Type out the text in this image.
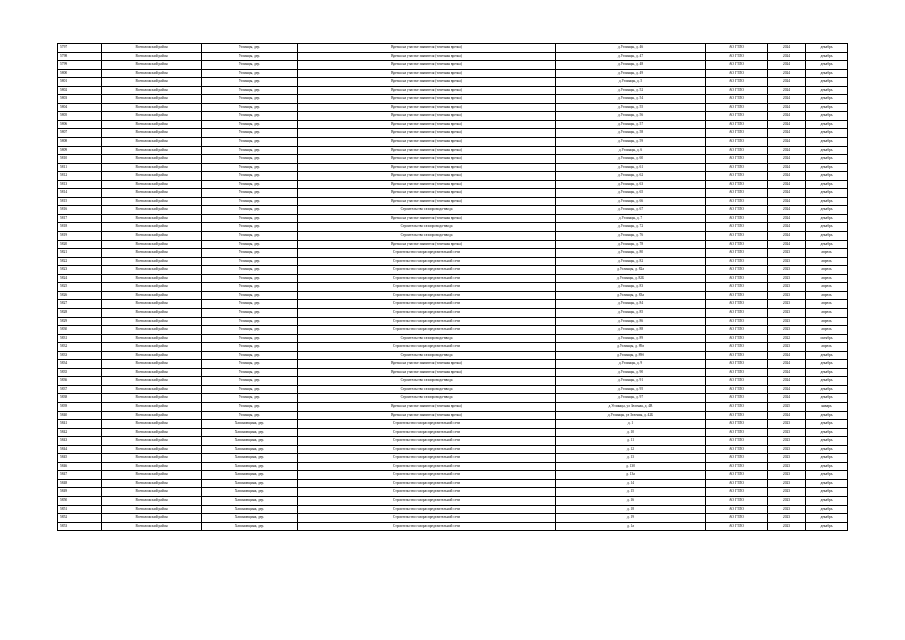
5797	Всеволожский район	Углинцы, дер.	Врезка на участке заявителя (точечная врезка)	д.Углинцы, д. 46	АО ГТЛО	2024	декабрь
5798	Всеволожский район	Углинцы, дер.	Врезка на участке заявителя (точечная врезка)	д.Углинцы, д. 47	АО ГТЛО	2024	декабрь
5799	Всеволожский район	Углинцы, дер.	Врезка на участке заявителя (точечная врезка)	д.Углинцы, д. 48	АО ГТЛО	2024	декабрь
5800	Всеволожский район	Углинцы, дер.	Врезка на участке заявителя (точечная врезка)	д.Углинцы, д. 49	АО ГТЛО	2024	декабрь
5801	Всеволожский район	Углинцы, дер.	Врезка на участке заявителя (точечная врезка)	д.Углинцы, д. 5	АО ГТЛО	2024	декабрь
5802	Всеволожский район	Углинцы, дер.	Врезка на участке заявителя (точечная врезка)	д.Углинцы, д. 52	АО ГТЛО	2024	декабрь
5803	Всеволожский район	Углинцы, дер.	Врезка на участке заявителя (точечная врезка)	д.Углинцы, д. 54	АО ГТЛО	2024	декабрь
5804	Всеволожский район	Углинцы, дер.	Врезка на участке заявителя (точечная врезка)	д.Углинцы, д. 55	АО ГТЛО	2024	декабрь
5805	Всеволожский район	Углинцы, дер.	Врезка на участке заявителя (точечная врезка)	д.Углинцы, д. 56	АО ГТЛО	2024	декабрь
5806	Всеволожский район	Углинцы, дер.	Врезка на участке заявителя (точечная врезка)	д.Углинцы, д. 57	АО ГТЛО	2024	декабрь
5807	Всеволожский район	Углинцы, дер.	Врезка на участке заявителя (точечная врезка)	д.Углинцы, д. 58	АО ГТЛО	2024	декабрь
5808	Всеволожский район	Углинцы, дер.	Врезка на участке заявителя (точечная врезка)	д.Углинцы, д. 59	АО ГТЛО	2024	декабрь
5809	Всеволожский район	Углинцы, дер.	Врезка на участке заявителя (точечная врезка)	д.Углинцы, д. 6	АО ГТЛО	2024	декабрь
5810	Всеволожский район	Углинцы, дер.	Врезка на участке заявителя (точечная врезка)	д.Углинцы, д. 60	АО ГТЛО	2024	декабрь
5811	Всеволожский район	Углинцы, дер.	Врезка на участке заявителя (точечная врезка)	д.Углинцы, д. 61	АО ГТЛО	2024	декабрь
5812	Всеволожский район	Углинцы, дер.	Врезка на участке заявителя (точечная врезка)	д.Углинцы, д. 62	АО ГТЛО	2024	декабрь
5813	Всеволожский район	Углинцы, дер.	Врезка на участке заявителя (точечная врезка)	д.Углинцы, д. 63	АО ГТЛО	2024	декабрь
5814	Всеволожский район	Углинцы, дер.	Врезка на участке заявителя (точечная врезка)	д.Углинцы, д. 65	АО ГТЛО	2024	декабрь
5815	Всеволожский район	Углинцы, дер.	Врезка на участке заявителя (точечная врезка)	д.Углинцы, д. 66	АО ГТЛО	2024	декабрь
5816	Всеволожский район	Углинцы, дер.	Строительство газопровода-ввода	д.Углинцы, д. 67	АО ГТЛО	2024	декабрь
5817	Всеволожский район	Углинцы, дер.	Врезка на участке заявителя (точечная врезка)	д.Углинцы, д. 7	АО ГТЛО	2024	декабрь
5818	Всеволожский район	Углинцы, дер.	Строительство газопровода-ввода	д.Углинцы, д. 72	АО ГТЛО	2024	декабрь
5819	Всеволожский район	Углинцы, дер.	Строительство газопровода-ввода	д.Углинцы, д. 76	АО ГТЛО	2024	декабрь
5820	Всеволожский район	Углинцы, дер.	Врезка на участке заявителя (точечная врезка)	д.Углинцы, д. 78	АО ГТЛО	2024	декабрь
5821	Всеволожский район	Углинцы, дер.	Строительство газораспределительной сети	д.Углинцы, д. 80	АО ГТЛО	2023	апрель
5822	Всеволожский район	Углинцы, дер.	Строительство газораспределительной сети	д.Углинцы, д. 82	АО ГТЛО	2023	апрель
5823	Всеволожский район	Углинцы, дер.	Строительство газораспределительной сети	д.Углинцы, д. 82а	АО ГТЛО	2023	апрель
5824	Всеволожский район	Углинцы, дер.	Строительство газораспределительной сети	д.Углинцы, д. 82Б	АО ГТЛО	2023	апрель
5825	Всеволожский район	Углинцы, дер.	Строительство газораспределительной сети	д.Углинцы, д. 83	АО ГТЛО	2023	апрель
5826	Всеволожский район	Углинцы, дер.	Строительство газораспределительной сети	д.Углинцы, д. 83а	АО ГТЛО	2023	апрель
5827	Всеволожский район	Углинцы, дер.	Строительство газораспределительной сети	д.Углинцы, д. 84	АО ГТЛО	2023	апрель
5828	Всеволожский район	Углинцы, дер.	Строительство газораспределительной сети	д.Углинцы, д. 85	АО ГТЛО	2023	апрель
5829	Всеволожский район	Углинцы, дер.	Строительство газораспределительной сети	д.Углинцы, д. 86	АО ГТЛО	2023	апрель
5830	Всеволожский район	Углинцы, дер.	Строительство газораспределительной сети	д.Углинцы, д. 88	АО ГТЛО	2023	апрель
5831	Всеволожский район	Углинцы, дер.	Строительство газопровода-ввода	д.Углинцы, д. 89	АО ГТЛО	2022	октябрь
5832	Всеволожский район	Углинцы, дер.	Строительство газораспределительной сети	д.Углинцы, д. 89а	АО ГТЛО	2023	апрель
5833	Всеволожский район	Углинцы, дер.	Строительство газопровода-ввода	д.Углинцы, д. 89б	АО ГТЛО	2024	декабрь
5834	Всеволожский район	Углинцы, дер.	Врезка на участке заявителя (точечная врезка)	д.Углинцы, д. 9	АО ГТЛО	2024	декабрь
5835	Всеволожский район	Углинцы, дер.	Врезка на участке заявителя (точечная врезка)	д.Углинцы, д. 90	АО ГТЛО	2024	декабрь
5836	Всеволожский район	Углинцы, дер.	Строительство газопровода-ввода	д.Углинцы, д. 91	АО ГТЛО	2024	декабрь
5837	Всеволожский район	Углинцы, дер.	Строительство газопровода-ввода	д.Углинцы, д. 95	АО ГТЛО	2024	декабрь
5838	Всеволожский район	Углинцы, дер.	Строительство газопровода-ввода	д.Углинцы, д. 97	АО ГТЛО	2024	декабрь
5839	Всеволожский район	Углинцы, дер.	Врезка на участке заявителя (точечная врезка)	д.Углинцы, ул Зеленая, д. 4В	АО ГТЛО	2025	январь
5840	Всеволожский район	Углинцы, дер.	Врезка на участке заявителя (точечная врезка)	д.Углинцы, ул Зеленая, д. 42Б	АО ГТЛО	2024	декабрь
5841	Всеволожский район	Хапоновщина, дер.	Строительство газораспределительной сети	д. 1	АО ГТЛО	2023	декабрь
5842	Всеволожский район	Хапоновщина, дер.	Строительство газораспределительной сети	д. 10	АО ГТЛО	2023	декабрь
5843	Всеволожский район	Хапоновщина, дер.	Строительство газораспределительной сети	д. 11	АО ГТЛО	2023	декабрь
5844	Всеволожский район	Хапоновщина, дер.	Строительство газораспределительной сети	д. 12	АО ГТЛО	2023	декабрь
5845	Всеволожский район	Хапоновщина, дер.	Строительство газораспределительной сети	д. 13	АО ГТЛО	2023	декабрь
5846	Всеволожский район	Хапоновщина, дер.	Строительство газораспределительной сети	д. 130	АО ГТЛО	2023	декабрь
5847	Всеволожский район	Хапоновщина, дер.	Строительство газораспределительной сети	д. 13а	АО ГТЛО	2023	декабрь
5848	Всеволожский район	Хапоновщина, дер.	Строительство газораспределительной сети	д. 14	АО ГТЛО	2023	декабрь
5849	Всеволожский район	Хапоновщина, дер.	Строительство газораспределительной сети	д. 15	АО ГТЛО	2023	декабрь
5850	Всеволожский район	Хапоновщина, дер.	Строительство газораспределительной сети	д. 16	АО ГТЛО	2023	декабрь
5851	Всеволожский район	Хапоновщина, дер.	Строительство газораспределительной сети	д. 18	АО ГТЛО	2023	декабрь
5852	Всеволожский район	Хапоновщина, дер.	Строительство газораспределительной сети	д. 19	АО ГТЛО	2023	декабрь
5853	Всеволожский район	Хапоновщина, дер.	Строительство газораспределительной сети	д. 1а	АО ГТЛО	2023	декабрь
